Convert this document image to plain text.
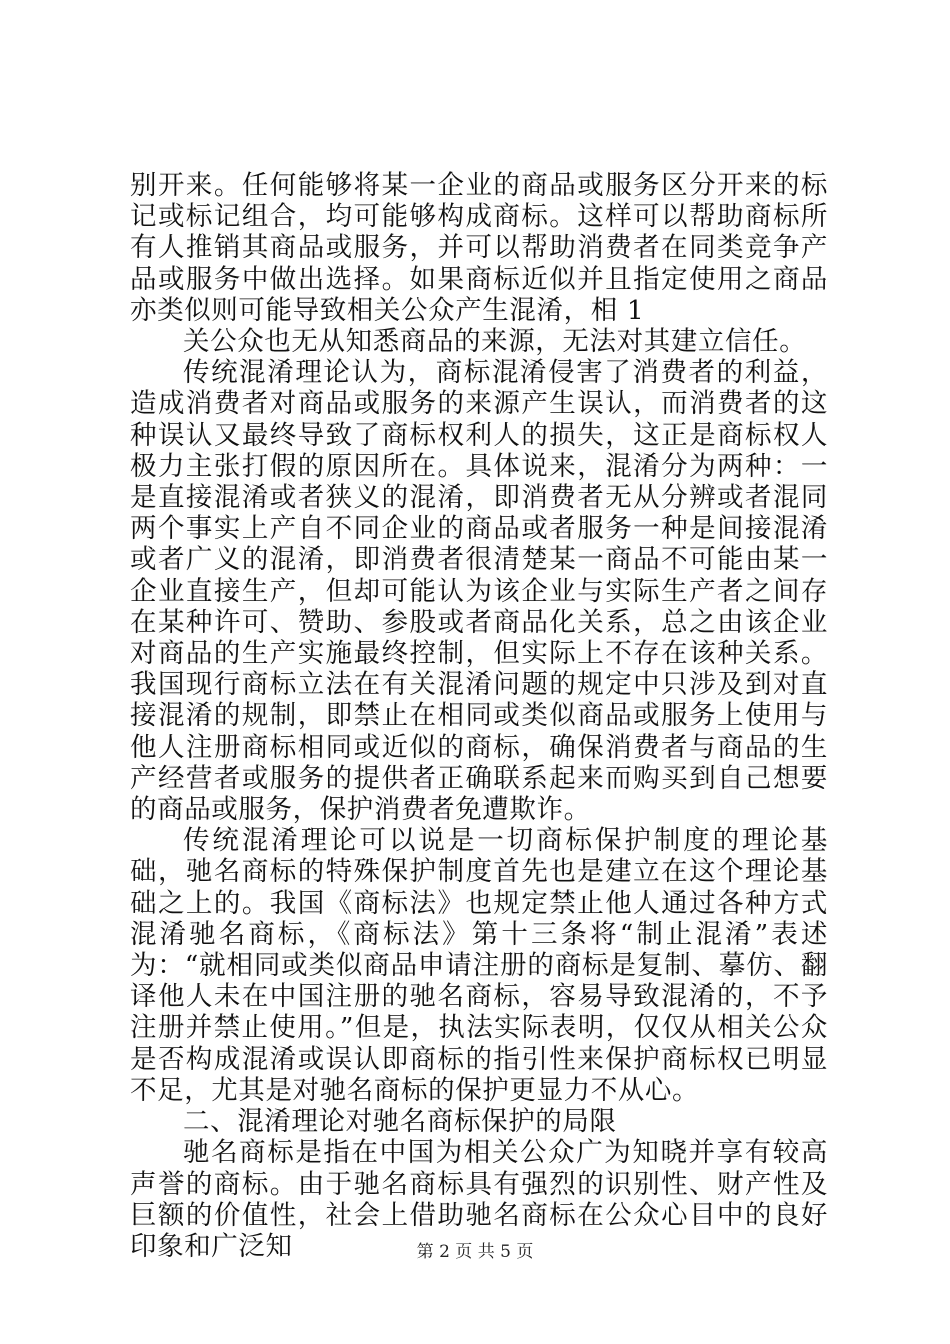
别开来。任何能够将某一企业的商品或服务区分开来的标记或标记组合，均可能够构成商标。这样可以帮助商标所有人推销其商品或服务，并可以帮助消费者在同类竞争产品或服务中做出选择。如果商标近似并且指定使用之商品亦类似则可能导致相关公众产生混淆，相 1

关公众也无从知悉商品的来源，无法对其建立信任。

传统混淆理论认为，商标混淆侵害了消费者的利益，造成消费者对商品或服务的来源产生误认，而消费者的这种误认又最终导致了商标权利人的损失，这正是商标权人极力主张打假的原因所在。具体说来，混淆分为两种：一是直接混淆或者狭义的混淆，即消费者无从分辨或者混同两个事实上产自不同企业的商品或者服务一种是间接混淆或者广义的混淆，即消费者很清楚某一商品不可能由某一企业直接生产，但却可能认为该企业与实际生产者之间存在某种许可、赞助、参股或者商品化关系，总之由该企业对商品的生产实施最终控制，但实际上不存在该种关系。我国现行商标立法在有关混淆问题的规定中只涉及到对直接混淆的规制，即禁止在相同或类似商品或服务上使用与他人注册商标相同或近似的商标，确保消费者与商品的生产经营者或服务的提供者正确联系起来而购买到自己想要的商品或服务，保护消费者免遭欺诈。

传统混淆理论可以说是一切商标保护制度的理论基础，驰名商标的特殊保护制度首先也是建立在这个理论基础之上的。我国《商标法》也规定禁止他人通过各种方式混淆驰名商标，《商标法》第十三条将“制止混淆”表述为：“就相同或类似商品申请注册的商标是复制、摹仿、翻译他人未在中国注册的驰名商标，容易导致混淆的，不予注册并禁止使用。”但是，执法实际表明，仅仅从相关公众是否构成混淆或误认即商标的指引性来保护商标权已明显不足，尤其是对驰名商标的保护更显力不从心。

二、混淆理论对驰名商标保护的局限

驰名商标是指在中国为相关公众广为知晓并享有较高声誉的商标。由于驰名商标具有强烈的识别性、财产性及巨额的价值性，社会上借助驰名商标在公众心目中的良好印象和广泛知	第 2 页 共 5 页
